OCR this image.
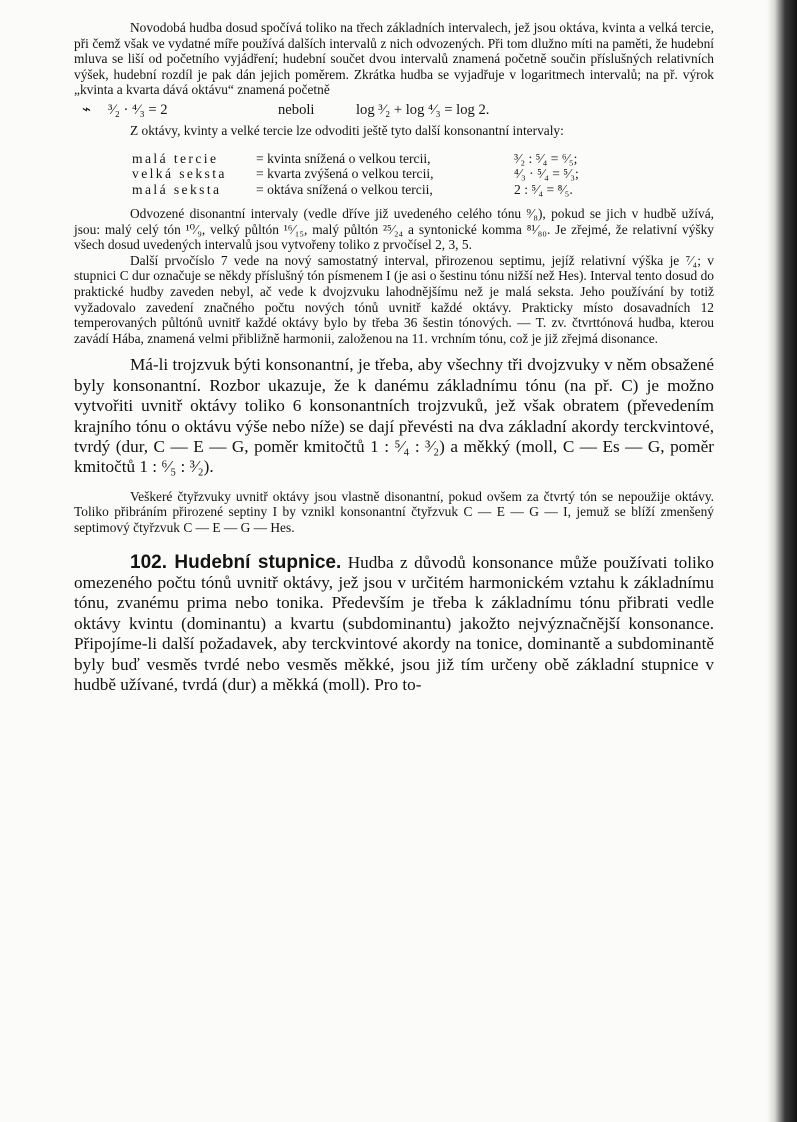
Novodobá hudba dosud spočívá toliko na třech základních intervalech, jež jsou oktáva, kvinta a velká tercie, při čemž však ve vydatné míře používá dalších intervalů z nich odvozených. Při tom dlužno míti na paměti, že hudební mluva se liší od početního vyjádření; hudební součet dvou intervalů znamená početně součin příslušných relativních výšek, hudební rozdíl je pak dán jejich poměrem. Zkrátka hudba se vyjadřuje v logaritmech intervalů; na př. výrok „kvinta a kvarta dává oktávu“ znamená početně

⌁	³⁄₂ · ⁴⁄₃ = 2	neboli	log ³⁄₂ + log ⁴⁄₃ = log 2.

Z oktávy, kvinty a velké tercie lze odvoditi ještě tyto další konsonantní intervaly:

malá tercie	= kvinta snížená o velkou tercii,	³⁄₂ : ⁵⁄₄ = ⁶⁄₅;
velká seksta	= kvarta zvýšená o velkou tercii,	⁴⁄₃ · ⁵⁄₄ = ⁵⁄₃;
malá seksta	= oktáva snížená o velkou tercii,	2 : ⁵⁄₄ = ⁸⁄₅.

Odvozené disonantní intervaly (vedle dříve již uvedeného celého tónu ⁹⁄₈), pokud se jich v hudbě užívá, jsou: malý celý tón ¹⁰⁄₉, velký půltón ¹⁶⁄₁₅, malý půltón ²⁵⁄₂₄ a syntonické komma ⁸¹⁄₈₀. Je zřejmé, že relativní výšky všech dosud uvedených intervalů jsou vytvořeny toliko z prvočísel 2, 3, 5.

Další prvočíslo 7 vede na nový samostatný interval, přirozenou septimu, jejíž relativní výška je ⁷⁄₄; v stupnici C dur označuje se někdy příslušný tón písmenem I (je asi o šestinu tónu nižší než Hes). Interval tento dosud do praktické hudby zaveden nebyl, ač vede k dvojzvuku lahodnějšímu než je malá seksta. Jeho používání by totiž vyžadovalo zavedení značného počtu nových tónů uvnitř každé oktávy. Prakticky místo dosavadních 12 temperovaných půltónů uvnitř každé oktávy bylo by třeba 36 šestin tónových. — T. zv. čtvrttónová hudba, kterou zavádí Hába, znamená velmi přibližně harmonii, založenou na 11. vrchním tónu, což je již zřejmá disonance.

Má-li trojzvuk býti konsonantní, je třeba, aby všechny tři dvojzvuky v něm obsažené byly konsonantní. Rozbor ukazuje, že k danému základnímu tónu (na př. C) je možno vytvořiti uvnitř oktávy toliko 6 konsonantních trojzvuků, jež však obratem (převedením krajního tónu o oktávu výše nebo níže) se dají převésti na dva základní akordy terckvintové, tvrdý (dur, C — E — G, poměr kmitočtů 1 : ⁵⁄₄ : ³⁄₂) a měkký (moll, C — Es — G, poměr kmitočtů 1 : ⁶⁄₅ : ³⁄₂).

Veškeré čtyřzvuky uvnitř oktávy jsou vlastně disonantní, pokud ovšem za čtvrtý tón se nepoužije oktávy. Toliko přibráním přirozené septiny I by vznikl konsonantní čtyřzvuk C — E — G — I, jemuž se blíží zmenšený septimový čtyřzvuk C — E — G — Hes.

102. Hudební stupnice. Hudba z důvodů konsonance může používati toliko omezeného počtu tónů uvnitř oktávy, jež jsou v určitém harmonickém vztahu k základnímu tónu, zvanému prima nebo tonika. Především je třeba k základnímu tónu přibrati vedle oktávy kvintu (dominantu) a kvartu (subdominantu) jakožto nejvýznačnější konsonance. Připojíme-li další požadavek, aby terckvintové akordy na tonice, dominantě a subdominantě byly buď vesměs tvrdé nebo vesměs měkké, jsou již tím určeny obě základní stupnice v hudbě užívané, tvrdá (dur) a měkká (moll). Pro to-
